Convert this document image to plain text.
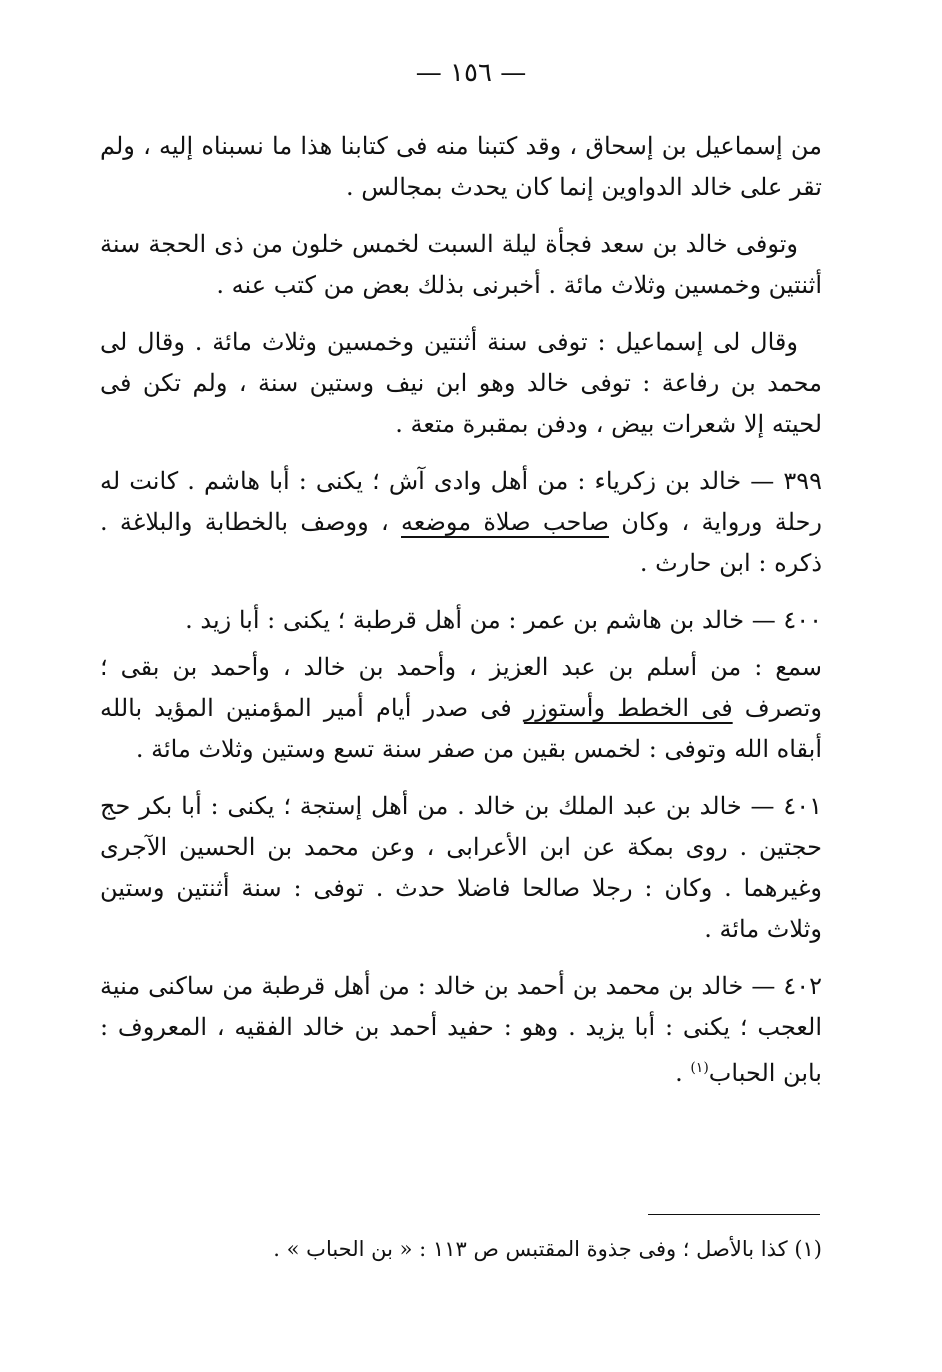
— ١٥٦ —

من إسماعيل بن إسحاق ، وقد كتبنا منه فى كتابنا هذا ما نسبناه إليه ، ولم تقر على خالد الدواوين إنما كان يحدث بمجالس .

وتوفى خالد بن سعد فجأة ليلة السبت لخمس خلون من ذى الحجة سنة أثنتين وخمسين وثلاث مائة . أخبرنى بذلك بعض من كتب عنه .

وقال لى إسماعيل : توفى سنة أثنتين وخمسين وثلاث مائة . وقال لى محمد بن رفاعة : توفى خالد وهو ابن نيف وستين سنة ، ولم تكن فى لحيته إلا شعرات بيض ، ودفن بمقبرة متعة .

٣٩٩ — خالد بن زكرياء : من أهل وادى آش ؛ يكنى : أبا هاشم . كانت له رحلة ورواية ، وكان صاحب صلاة موضعه ، ووصف بالخطابة والبلاغة . ذكره : ابن حارث .

٤٠٠ — خالد بن هاشم بن عمر : من أهل قرطبة ؛ يكنى : أبا زيد .

سمع : من أسلم بن عبد العزيز ، وأحمد بن خالد ، وأحمد بن بقى ؛ وتصرف فى الخطط وأستوزر فى صدر أيام أمير المؤمنين المؤيد بالله أبقاه الله وتوفى : لخمس بقين من صفر سنة تسع وستين وثلاث مائة .

٤٠١ — خالد بن عبد الملك بن خالد . من أهل إستجة ؛ يكنى : أبا بكر حج حجتين . روى بمكة عن ابن الأعرابى ، وعن محمد بن الحسين الآجرى وغيرهما . وكان : رجلا صالحا فاضلا حدث . توفى : سنة أثنتين وستين وثلاث مائة .

٤٠٢ — خالد بن محمد بن أحمد بن خالد : من أهل قرطبة من ساكنى منية العجب ؛ يكنى : أبا يزيد . وهو : حفيد أحمد بن خالد الفقيه ، المعروف : بابن الحباب$^{(١)}$ .

(١) كذا بالأصل ؛ وفى جذوة المقتبس ص ١١٣ : « بن الحباب » .
